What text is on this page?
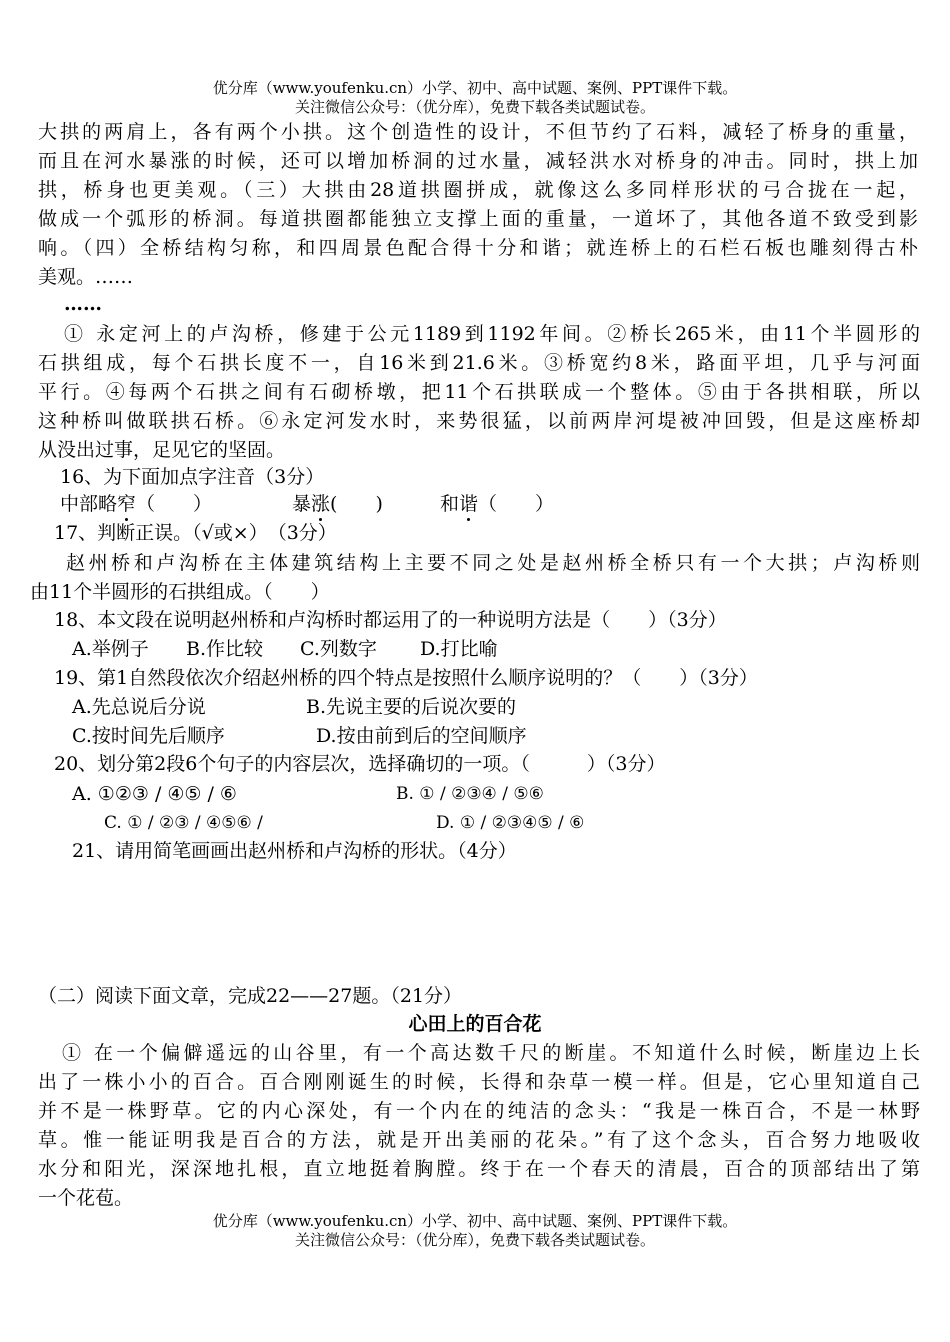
优分库（www.youfenku.cn）小学、初中、高中试题、案例、PPT课件下载。
关注微信公众号：（优分库），免费下载各类试题试卷。
大拱的两肩上，各有两个小拱。这个创造性的设计，不但节约了石料，减轻了桥身的重量，
而且在河水暴涨的时候，还可以增加桥洞的过水量，减轻洪水对桥身的冲击。同时，拱上加
拱，桥身也更美观。（三）大拱由28道拱圈拼成，就像这么多同样形状的弓合拢在一起，
做成一个弧形的桥洞。每道拱圈都能独立支撑上面的重量，一道坏了，其他各道不致受到影
响。（四）全桥结构匀称，和四周景色配合得十分和谐；就连桥上的石栏石板也雕刻得古朴
美观。……
……
① 永定河上的卢沟桥，修建于公元1189到1192年间。②桥长265米，由11个半圆形的
石拱组成，每个石拱长度不一，自16米到21.6米。③桥宽约8米，路面平坦，几乎与河面
平行。④每两个石拱之间有石砌桥墩，把11个石拱联成一个整体。⑤由于各拱相联，所以
这种桥叫做联拱石桥。⑥永定河发水时，来势很猛，以前两岸河堤被冲回毁，但是这座桥却
从没出过事，足见它的坚固。
16、为下面加点字注音（3分）
中部略窄（　　）	暴涨(　　)	和谐（　　）
17、判断正误。（√或×）　（3分）
赵州桥和卢沟桥在主体建筑结构上主要不同之处是赵州桥全桥只有一个大拱；卢沟桥则
由11个半圆形的石拱组成。（　　）
18、本文段在说明赵州桥和卢沟桥时都运用了的一种说明方法是（　　）（3分）
A.举例子 B.作比较 C.列数字 D.打比喻
19、第1自然段依次介绍赵州桥的四个特点是按照什么顺序说明的？（　　）（3分）
A.先总说后分说	B.先说主要的后说次要的
C.按时间先后顺序	D.按由前到后的空间顺序
20、划分第2段6个句子的内容层次，选择确切的一项。（　　　）（3分）
A. ①②③ / ④⑤ / ⑥	B. ① / ②③④ / ⑤⑥
C. ① / ②③ / ④⑤⑥ /	D. ① / ②③④⑤ / ⑥
21、请用简笔画画出赵州桥和卢沟桥的形状。（4分）
（二）阅读下面文章，完成22——27题。（21分）
心田上的百合花
① 在一个偏僻遥远的山谷里，有一个高达数千尺的断崖。不知道什么时候，断崖边上长
出了一株小小的百合。百合刚刚诞生的时候，长得和杂草一模一样。但是，它心里知道自己
并不是一株野草。它的内心深处，有一个内在的纯洁的念头：“我是一株百合，不是一林野
草。惟一能证明我是百合的方法，就是开出美丽的花朵。”有了这个念头，百合努力地吸收
水分和阳光，深深地扎根，直立地挺着胸膛。终于在一个春天的清晨，百合的顶部结出了第
一个花苞。
优分库（www.youfenku.cn）小学、初中、高中试题、案例、PPT课件下载。
关注微信公众号：（优分库），免费下载各类试题试卷。
